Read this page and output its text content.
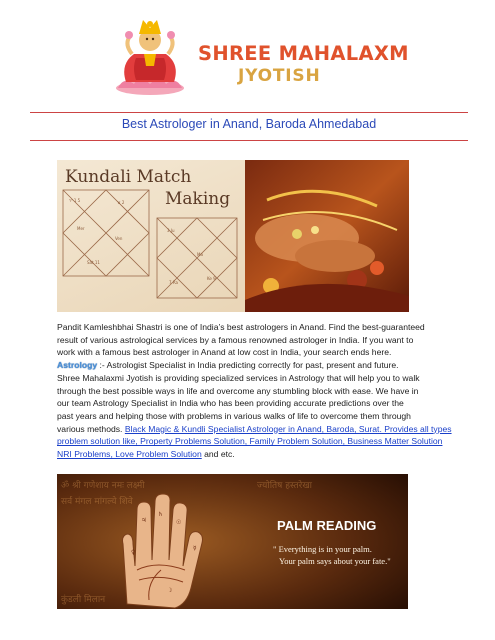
SHREE MAHALAXM
JYOTISH
Best Astrologer in Anand, Baroda Ahmedabad
♈ 1 5	♉ 2
Mer
Ven
Sat 11
3 Ju
Ma
7 Ra
Ke 9
Kundali Match
Making

Pandit Kamleshbhai Shastri is one of India’s best astrologers in Anand. Find the best-guaranteed

result of various astrological services by a famous renowned astrologer in India. If you want to

work with a famous best astrologer in Anand at low cost in India, your search ends here.

Astrology :- Astrologist Specialist in India predicting correctly for past, present and future.

Shree Mahalaxmi Jyotish is providing specialized services in Astrology that will help you to walk

through the best possible ways in life and overcome any stumbling block with ease. We have in

our team Astrology Specialist in India who has been providing accurate predictions over the

past years and helping those with problems in various walks of life to overcome them through

various methods. Black Magic & Kundli Specialist Astrologer in Anand, Baroda, Surat. Provides all types

problem solution like, Property Problems Solution, Family Problem Solution, Business Matter Solution

NRI Problems, Love Problem Solution and etc.

ॐ श्री गणेशाय नमः लक्ष्मी
सर्व मंगल मांगल्ये शिवे
ज्योतिष हस्तरेखा
कुंडली मिलान
♃
♄
☉
☿
♀
☽
PALM READING
" Everything is in your palm.
Your palm says about your fate."
